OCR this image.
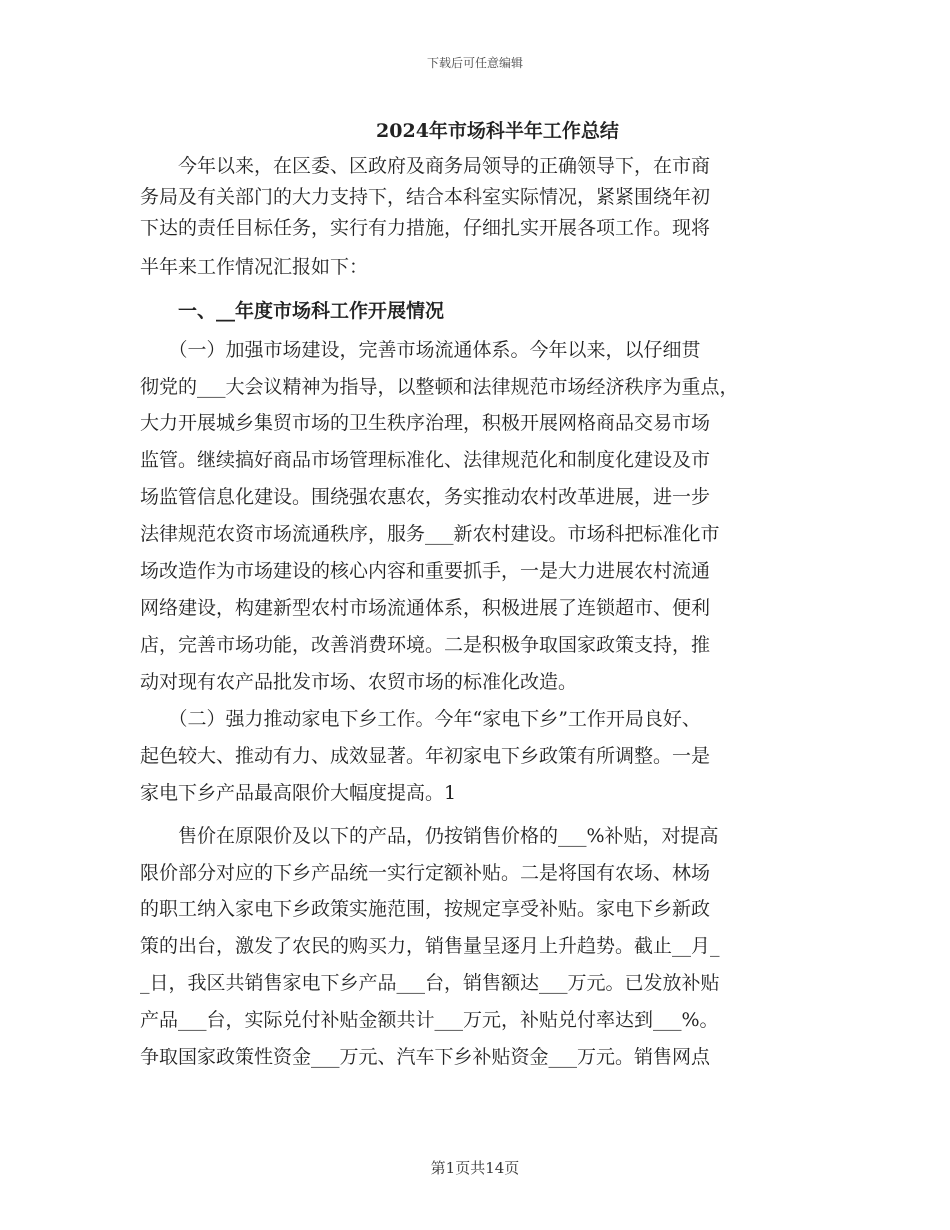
下载后可任意编辑
2024年市场科半年工作总结
　　今年以来，在区委、区政府及商务局领导的正确领导下，在市商
务局及有关部门的大力支持下，结合本科室实际情况，紧紧围绕年初
下达的责任目标任务，实行有力措施，仔细扎实开展各项工作。现将
半年来工作情况汇报如下：
　　一、__年度市场科工作开展情况
　　（一）加强市场建设，完善市场流通体系。今年以来，以仔细贯
彻党的___大会议精神为指导，以整顿和法律规范市场经济秩序为重点，
大力开展城乡集贸市场的卫生秩序治理，积极开展网格商品交易市场
监管。继续搞好商品市场管理标准化、法律规范化和制度化建设及市
场监管信息化建设。围绕强农惠农，务实推动农村改革进展，进一步
法律规范农资市场流通秩序，服务___新农村建设。市场科把标准化市
场改造作为市场建设的核心内容和重要抓手，一是大力进展农村流通
网络建设，构建新型农村市场流通体系，积极进展了连锁超市、便利
店，完善市场功能，改善消费环境。二是积极争取国家政策支持，推
动对现有农产品批发市场、农贸市场的标准化改造。
　　（二）强力推动家电下乡工作。今年“家电下乡”工作开局良好、
起色较大、推动有力、成效显著。年初家电下乡政策有所调整。一是
家电下乡产品最高限价大幅度提高。1
　　售价在原限价及以下的产品，仍按销售价格的___%补贴，对提高
限价部分对应的下乡产品统一实行定额补贴。二是将国有农场、林场
的职工纳入家电下乡政策实施范围，按规定享受补贴。家电下乡新政
策的出台，激发了农民的购买力，销售量呈逐月上升趋势。截止__月_
_日，我区共销售家电下乡产品___台，销售额达___万元。已发放补贴
产品___台，实际兑付补贴金额共计___万元，补贴兑付率达到___%。
争取国家政策性资金___万元、汽车下乡补贴资金___万元。销售网点
第1页共14页
